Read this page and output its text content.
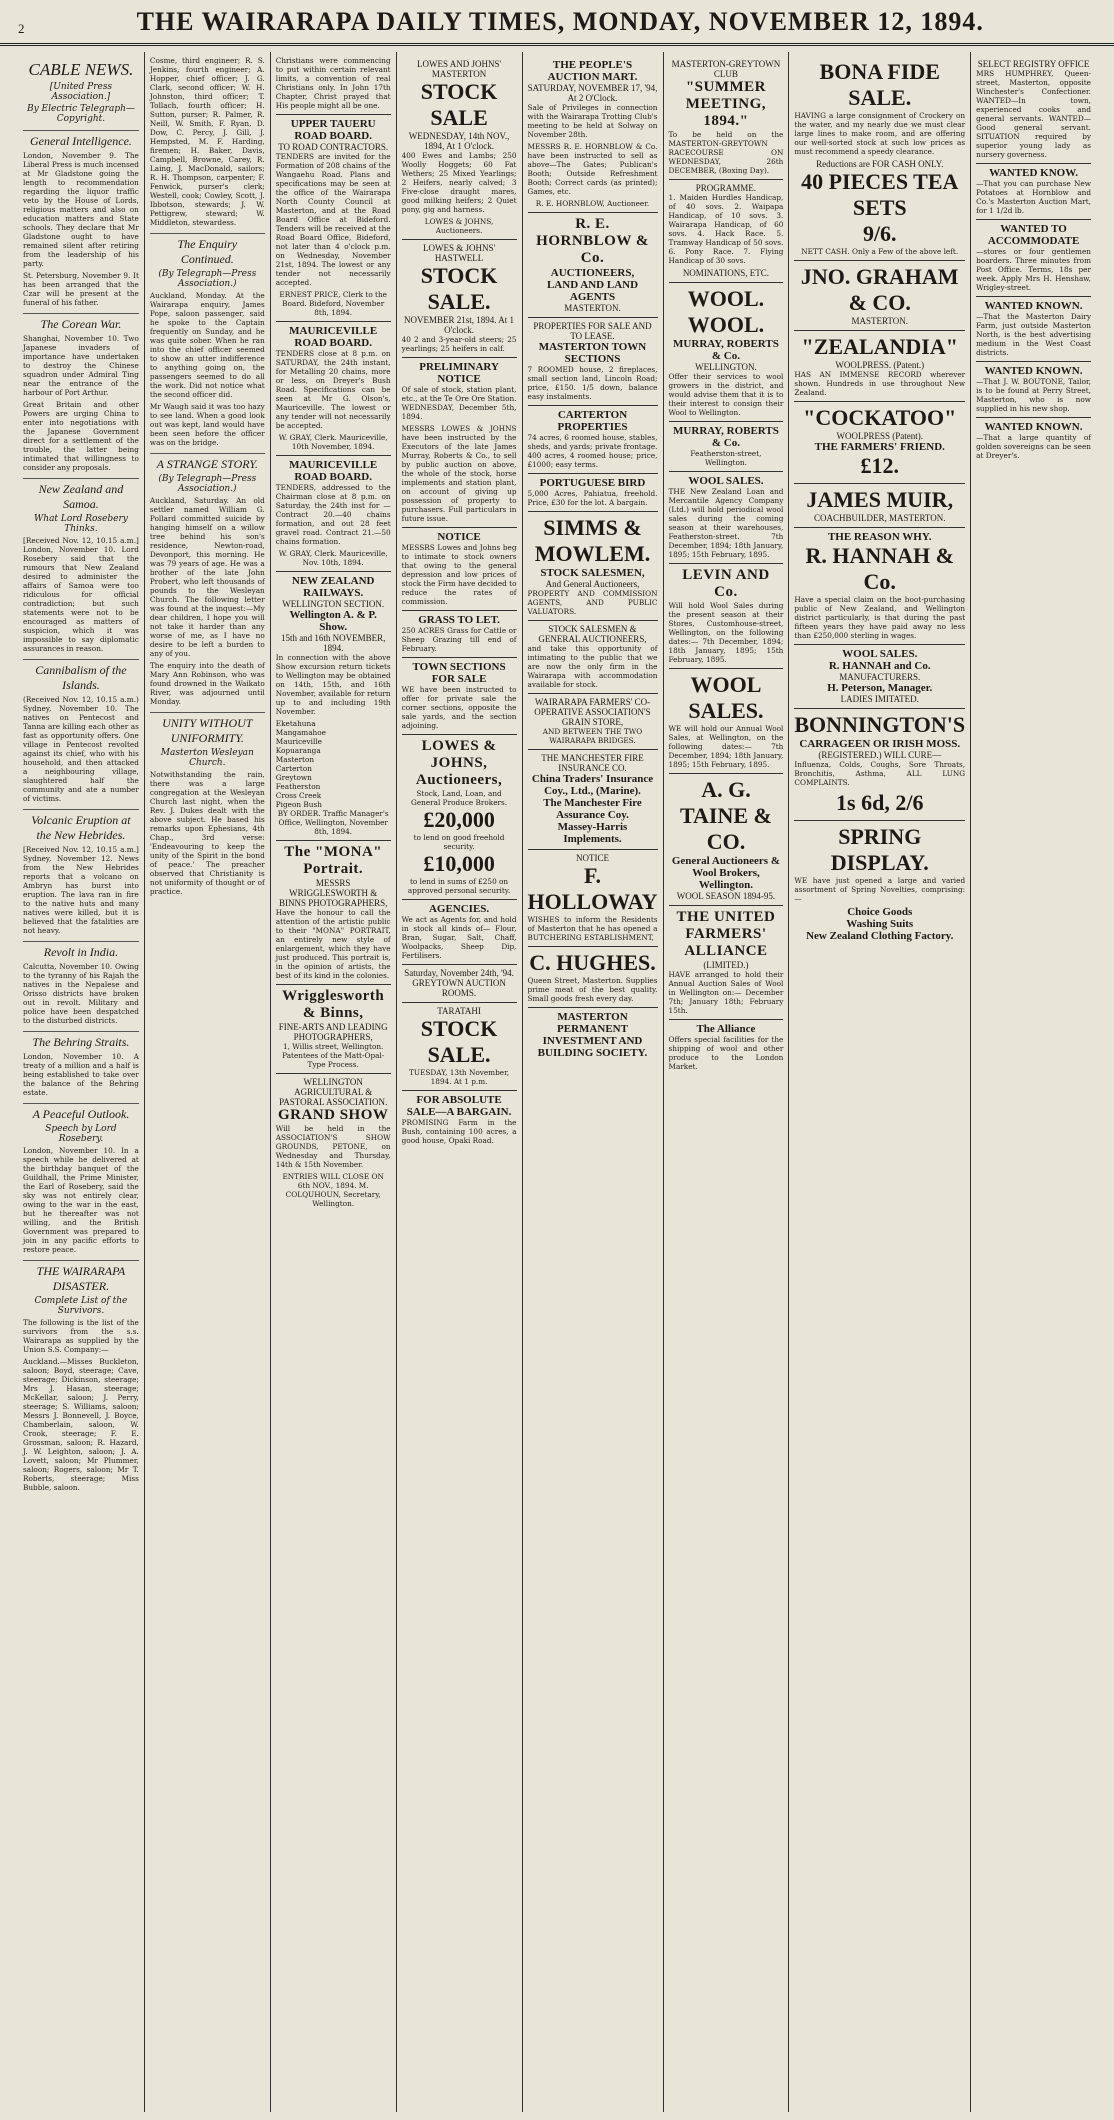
2	THE WAIRARAPA DAILY TIMES, MONDAY, NOVEMBER 12, 1894.
CABLE NEWS.
[United Press Association.]
By Electric Telegraph—Copyright.
General Intelligence.

London, November 9. The Liberal Press is much incensed at Mr Gladstone going the length to recommendation regarding the liquor traffic veto by the House of Lords, religious matters and also on education matters and State schools. They declare that Mr Gladstone ought to have remained silent after retiring from the leadership of his party.

St. Petersburg, November 9. It has been arranged that the Czar will be present at the funeral of his father.

The Corean War.

Shanghai, November 10. Two Japanese invaders of importance have undertaken to destroy the Chinese squadron under Admiral Ting near the entrance of the harbour of Port Arthur.

Great Britain and other Powers are urging China to enter into negotiations with the Japanese Government direct for a settlement of the trouble, the latter being intimated that willingness to consider any proposals.

New Zealand and Samoa.
What Lord Rosebery Thinks.

[Received Nov. 12, 10.15 a.m.] London, November 10. Lord Rosebery said that the rumours that New Zealand desired to administer the affairs of Samoa were too ridiculous for official contradiction; but such statements were not to be encouraged as matters of suspicion, which it was impossible to say diplomatic assurances in reason.

Cannibalism of the Islands.

(Received Nov. 12, 10.15 a.m.) Sydney, November 10. The natives on Pentecost and Tanna are killing each other as fast as opportunity offers. One village in Pentecost revolted against its chief, who with his household, and then attacked a neighbouring village, slaughtered half the community and ate a number of victims.

Volcanic Eruption at the New Hebrides.

[Received Nov. 12, 10.15 a.m.] Sydney, November 12. News from the New Hebrides reports that a volcano on Ambryn has burst into eruption. The lava ran in fire to the native huts and many natives were killed, but it is believed that the fatalities are not heavy.

Revolt in India.

Calcutta, November 10. Owing to the tyranny of his Rajah the natives in the Nepalese and Orisso districts have broken out in revolt. Military and police have been despatched to the disturbed districts.

The Behring Straits.

London, November 10. A treaty of a million and a half is being established to take over the balance of the Behring estate.

A Peaceful Outlook.
Speech by Lord Rosebery.

London, November 10. In a speech while he delivered at the birthday banquet of the Guildhall, the Prime Minister, the Earl of Rosebery, said the sky was not entirely clear, owing to the war in the east, but he thereafter was not willing, and the British Government was prepared to join in any pacific efforts to restore peace.

THE WAIRARAPA DISASTER.
Complete List of the Survivors.

The following is the list of the survivors from the s.s. Wairarapa as supplied by the Union S.S. Company:—

Auckland.—Misses Buckleton, saloon; Boyd, steerage; Cave, steerage; Dickinson, steerage; Mrs J. Hasan, steerage; McKellar, saloon; J. Perry, steerage; S. Williams, saloon; Messrs J. Bonnevell, J. Boyce, Chamberlain, saloon, W. Crook, steerage; F. E. Grossman, saloon; R. Hazard, J. W. Leighton, saloon; J. A. Lovett, saloon; Mr Plummer, saloon; Rogers, saloon; Mr T. Roberts, steerage; Miss Bubble, saloon.

Cosme, third engineer; R. S. Jenkins, fourth engineer; A. Hopper, chief officer; J. G. Clark, second officer; W. H. Johnston, third officer; T. Tollach, fourth officer; H. Sutton, purser; R. Palmer, R. Neill, W. Smith, F. Ryan, D. Dow, C. Percy, J. Gill, J. Hempsted, M. F. Harding, firemen; H. Baker, Davis, Campbell, Browne, Carey, R. Laing, J. MacDonald, sailors; R. H. Thompson, carpenter; F. Fenwick, purser's clerk; Westell, cook; Cowley, Scott, J. Ibbotson, stewards; J. W. Pettigrew, steward; W. Middleton, stewardess.

The Enquiry Continued.
(By Telegraph—Press Association.)

Auckland, Monday. At the Wairarapa enquiry, James Pope, saloon passenger, said he spoke to the Captain frequently on Sunday, and he was quite sober. When he ran into the chief officer seemed to show an utter indifference to anything going on, the passengers seemed to do all the work. Did not notice what the second officer did.

Mr Waugh said it was too hazy to see land. When a good look out was kept, land would have been seen before the officer was on the bridge.

A STRANGE STORY.
(By Telegraph—Press Association.)

Auckland, Saturday. An old settler named William G. Pollard committed suicide by hanging himself on a willow tree behind his son's residence, Newton-road, Devonport, this morning. He was 79 years of age. He was a brother of the late John Probert, who left thousands of pounds to the Wesleyan Church. The following letter was found at the inquest:—My dear children, I hope you will not take it harder than any worse of me, as I have no desire to be left a burden to any of you.

The enquiry into the death of Mary Ann Robinson, who was found drowned in the Waikato River, was adjourned until Monday.

UNITY WITHOUT UNIFORMITY.
Masterton Wesleyan Church.

Notwithstanding the rain, there was a large congregation at the Wesleyan Church last night, when the Rev. J. Dukes dealt with the above subject. He based his remarks upon Ephesians, 4th Chap., 3rd verse: 'Endeavouring to keep the unity of the Spirit in the bond of peace.' The preacher observed that Christianity is not uniformity of thought or of practice.

Christians were commencing to put within certain relevant limits, a convention of real Christians only. In John 17th Chapter, Christ prayed that His people might all be one.

UPPER TAUERU ROAD BOARD.
TO ROAD CONTRACTORS.

TENDERS are invited for the Formation of 208 chains of the Wangaehu Road. Plans and specifications may be seen at the office of the Wairarapa North County Council at Masterton, and at the Road Board Office at Bideford. Tenders will be received at the Road Board Office, Bideford, not later than 4 o'clock p.m. on Wednesday, November 21st, 1894. The lowest or any tender not necessarily accepted.

ERNEST PRICE, Clerk to the Board. Bideford, November 8th, 1894.
MAURICEVILLE ROAD BOARD.

TENDERS close at 8 p.m. on SATURDAY, the 24th instant, for Metalling 20 chains, more or less, on Dreyer's Bush Road. Specifications can be seen at Mr G. Olson's, Mauriceville. The lowest or any tender will not necessarily be accepted.

W. GRAY, Clerk. Mauriceville, 10th November, 1894.
MAURICEVILLE ROAD BOARD.

TENDERS, addressed to the Chairman close at 8 p.m. on Saturday, the 24th inst for — Contract 20.—40 chains formation, and out 28 feet gravel road. Contract 21.—50 chains formation.

W. GRAY, Clerk. Mauriceville, Nov. 10th, 1894.
NEW ZEALAND RAILWAYS.
WELLINGTON SECTION.
Wellington A. & P. Show.
15th and 16th NOVEMBER, 1894.

In connection with the above Show excursion return tickets to Wellington may be obtained on 14th, 15th, and 16th November, available for return up to and including 19th November.

Eketahuna
Mangamahoe
Mauriceville
Kopuaranga
Masterton
Carterton
Greytown
Featherston
Cross Creek
Pigeon Bush
BY ORDER. Traffic Manager's Office, Wellington, November 8th, 1894.
The "MONA" Portrait.
MESSRS WRIGGLESWORTH & BINNS PHOTOGRAPHERS,

Have the honour to call the attention of the artistic public to their "MONA" PORTRAIT, an entirely new style of enlargement, which they have just produced. This portrait is, in the opinion of artists, the best of its kind in the colonies.

Wrigglesworth & Binns,
FINE-ARTS AND LEADING PHOTOGRAPHERS,
1, Willis street, Wellington. Patentees of the Matt-Opal-Type Process.
WELLINGTON AGRICULTURAL & PASTORAL ASSOCIATION.
GRAND SHOW

Will be held in the ASSOCIATION'S SHOW GROUNDS, PETONE, on Wednesday and Thursday, 14th & 15th November.

ENTRIES WILL CLOSE ON 6th NOV., 1894. M. COLQUHOUN, Secretary, Wellington.
LOWES AND JOHNS'
MASTERTON
STOCK SALE
WEDNESDAY, 14th NOV., 1894, At 1 O'clock.

400 Ewes and Lambs; 250 Woolly Hoggets; 60 Fat Wethers; 25 Mixed Yearlings; 2 Heifers, nearly calved; 3 Five-close draught mares, good milking heifers; 2 Quiet pony, gig and harness.

LOWES & JOHNS, Auctioneers.
LOWES & JOHNS' HASTWELL
STOCK SALE.
NOVEMBER 21st, 1894. At 1 O'clock.

40 2 and 3-year-old steers; 25 yearlings; 25 heifers in calf.

PRELIMINARY NOTICE

Of sale of stock, station plant, etc., at the Te Ore Ore Station. WEDNESDAY, December 5th, 1894.

MESSRS LOWES & JOHNS have been instructed by the Executors of the late James Murray, Roberts & Co., to sell by public auction on above, the whole of the stock, horse implements and station plant, on account of giving up possession of property to purchasers. Full particulars in future issue.

NOTICE

MESSRS Lowes and Johns beg to intimate to stock owners that owing to the general depression and low prices of stock the Firm have decided to reduce the rates of commission.

GRASS TO LET.

250 ACRES Grass for Cattle or Sheep Grazing till end of February.

TOWN SECTIONS FOR SALE

WE have been instructed to offer for private sale the corner sections, opposite the sale yards, and the section adjoining.

LOWES & JOHNS, Auctioneers,
Stock, Land, Loan, and General Produce Brokers.
£20,000
to lend on good freehold security.
£10,000
to lend in sums of £250 on approved personal security.
AGENCIES.

We act as Agents for, and hold in stock all kinds of— Flour, Bran, Sugar, Salt, Chaff, Woolpacks, Sheep Dip, Fertilisers.

Saturday, November 24th, '94. GREYTOWN AUCTION ROOMS.
TARATAHI
STOCK SALE.
TUESDAY, 13th November, 1894. At 1 p.m.
FOR ABSOLUTE SALE—A BARGAIN.

PROMISING Farm in the Bush, containing 100 acres, a good house, Opaki Road.

THE PEOPLE'S AUCTION MART.
SATURDAY, NOVEMBER 17, '94, At 2 O'Clock.

Sale of Privileges in connection with the Wairarapa Trotting Club's meeting to be held at Solway on November 28th.

MESSRS R. E. HORNBLOW & Co. have been instructed to sell as above—The Gates; Publican's Booth; Outside Refreshment Booth; Correct cards (as printed); Games, etc.

R. E. HORNBLOW, Auctioneer.
R. E. HORNBLOW & Co.
AUCTIONEERS,
LAND AND LAND AGENTS
MASTERTON.
PROPERTIES FOR SALE AND TO LEASE.
MASTERTON TOWN SECTIONS

7 ROOMED house, 2 fireplaces, small section land, Lincoln Road; price, £150. 1/5 down, balance easy instalments.

CARTERTON PROPERTIES

74 acres, 6 roomed house, stables, sheds, and yards; private frontage. 400 acres, 4 roomed house; price, £1000; easy terms.

PORTUGUESE BIRD

5,000 Acres, Pahiatua, freehold. Price, £30 for the lot. A bargain.

SIMMS & MOWLEM.
STOCK SALESMEN,
And General Auctioneers,

PROPERTY AND COMMISSION AGENTS, AND PUBLIC VALUATORS.

STOCK SALESMEN & GENERAL AUCTIONEERS,

and take this opportunity of intimating to the public that we are now the only firm in the Wairarapa with accommodation available for stock.

WAIRARAPA FARMERS' CO-OPERATIVE ASSOCIATION'S GRAIN STORE,
AND BETWEEN THE TWO WAIRARAPA BRIDGES.
THE MANCHESTER FIRE INSURANCE CO.
China Traders' Insurance Coy., Ltd., (Marine).
The Manchester Fire Assurance Coy.
Massey-Harris Implements.
NOTICE
F. HOLLOWAY

WISHES to inform the Residents of Masterton that he has opened a BUTCHERING ESTABLISHMENT,

C. HUGHES.

Queen Street, Masterton. Supplies prime meat of the best quality. Small goods fresh every day.

MASTERTON PERMANENT INVESTMENT AND BUILDING SOCIETY.
MASTERTON-GREYTOWN CLUB
"SUMMER MEETING, 1894."

To be held on the MASTERTON-GREYTOWN RACECOURSE ON WEDNESDAY, 26th DECEMBER, (Boxing Day).

PROGRAMME.

1. Maiden Hurdles Handicap, of 40 sovs. 2. Waipapa Handicap, of 10 sovs. 3. Wairarapa Handicap, of 60 sovs. 4. Hack Race. 5. Tramway Handicap of 50 sovs. 6. Pony Race. 7. Flying Handicap of 30 sovs.

NOMINATIONS, ETC.
WOOL. WOOL.
MURRAY, ROBERTS & Co.
WELLINGTON.

Offer their services to wool growers in the district, and would advise them that it is to their interest to consign their Wool to Wellington.

MURRAY, ROBERTS & Co.
Featherston-street, Wellington.
WOOL SALES.

THE New Zealand Loan and Mercantile Agency Company (Ltd.) will hold periodical wool sales during the coming season at their warehouses, Featherston-street. 7th December, 1894; 18th January, 1895; 15th February, 1895.

LEVIN AND Co.

Will hold Wool Sales during the present season at their Stores, Customhouse-street, Wellington, on the following dates:— 7th December, 1894; 18th January, 1895; 15th February, 1895.

WOOL SALES.

WE will hold our Annual Wool Sales, at Wellington, on the following dates:— 7th December, 1894; 18th January, 1895; 15th February, 1895.

A. G. TAINE & CO.
General Auctioneers & Wool Brokers, Wellington.
WOOL SEASON 1894-95.
THE UNITED FARMERS' ALLIANCE
(LIMITED.)

HAVE arranged to hold their Annual Auction Sales of Wool in Wellington on:— December 7th; January 18th; February 15th.

The Alliance

Offers special facilities for the shipping of wool and other produce to the London Market.

BONA FIDE SALE.

HAVING a large consignment of Crockery on the water, and my nearly due we must clear large lines to make room, and are offering our well-sorted stock at such low prices as must recommend a speedy clearance.

Reductions are FOR CASH ONLY.
40 PIECES TEA SETS
9/6.
NETT CASH. Only a Few of the above left.
JNO. GRAHAM & CO.
MASTERTON.
"ZEALANDIA"
WOOLPRESS. (Patent.)

HAS AN IMMENSE RECORD wherever shown. Hundreds in use throughout New Zealand.

"COCKATOO"
WOOLPRESS (Patent).
THE FARMERS' FRIEND.
£12.
JAMES MUIR,
COACHBUILDER, MASTERTON.
THE REASON WHY.
R. HANNAH & Co.

Have a special claim on the boot-purchasing public of New Zealand, and Wellington district particularly, is that during the past fifteen years they have paid away no less than £250,000 sterling in wages.

WOOL SALES.
R. HANNAH and Co.
MANUFACTURERS.
H. Peterson, Manager.
LADIES IMITATED.
BONNINGTON'S
CARRAGEEN OR IRISH MOSS.
(REGISTERED.) WILL CURE—

Influenza, Colds, Coughs, Sore Throats, Bronchitis, Asthma, ALL LUNG COMPLAINTS.

1s 6d, 2/6
SPRING DISPLAY.

WE have just opened a large and varied assortment of Spring Novelties, comprising:—

Choice Goods
Washing Suits
New Zealand Clothing Factory.
SELECT REGISTRY OFFICE

MRS HUMPHREY, Queen-street, Masterton, opposite Winchester's Confectioner. WANTED—In town, experienced cooks and general servants. WANTED—Good general servant. SITUATION required by superior young lady as nursery governess.

WANTED KNOW.

—That you can purchase New Potatoes at Hornblow and Co.'s Masterton Auction Mart, for 1 1/2d lb.

WANTED TO ACCOMMODATE

—stores or four gentlemen boarders. Three minutes from Post Office. Terms, 18s per week. Apply Mrs H. Henshaw, Wrigley-street.

WANTED KNOWN.

—That the Masterton Dairy Farm, just outside Masterton North, is the best advertising medium in the West Coast districts.

WANTED KNOWN.

—That J. W. BOUTONE, Tailor, is to be found at Perry Street, Masterton, who is now supplied in his new shop.

WANTED KNOWN.

—That a large quantity of golden sovereigns can be seen at Dreyer's.
